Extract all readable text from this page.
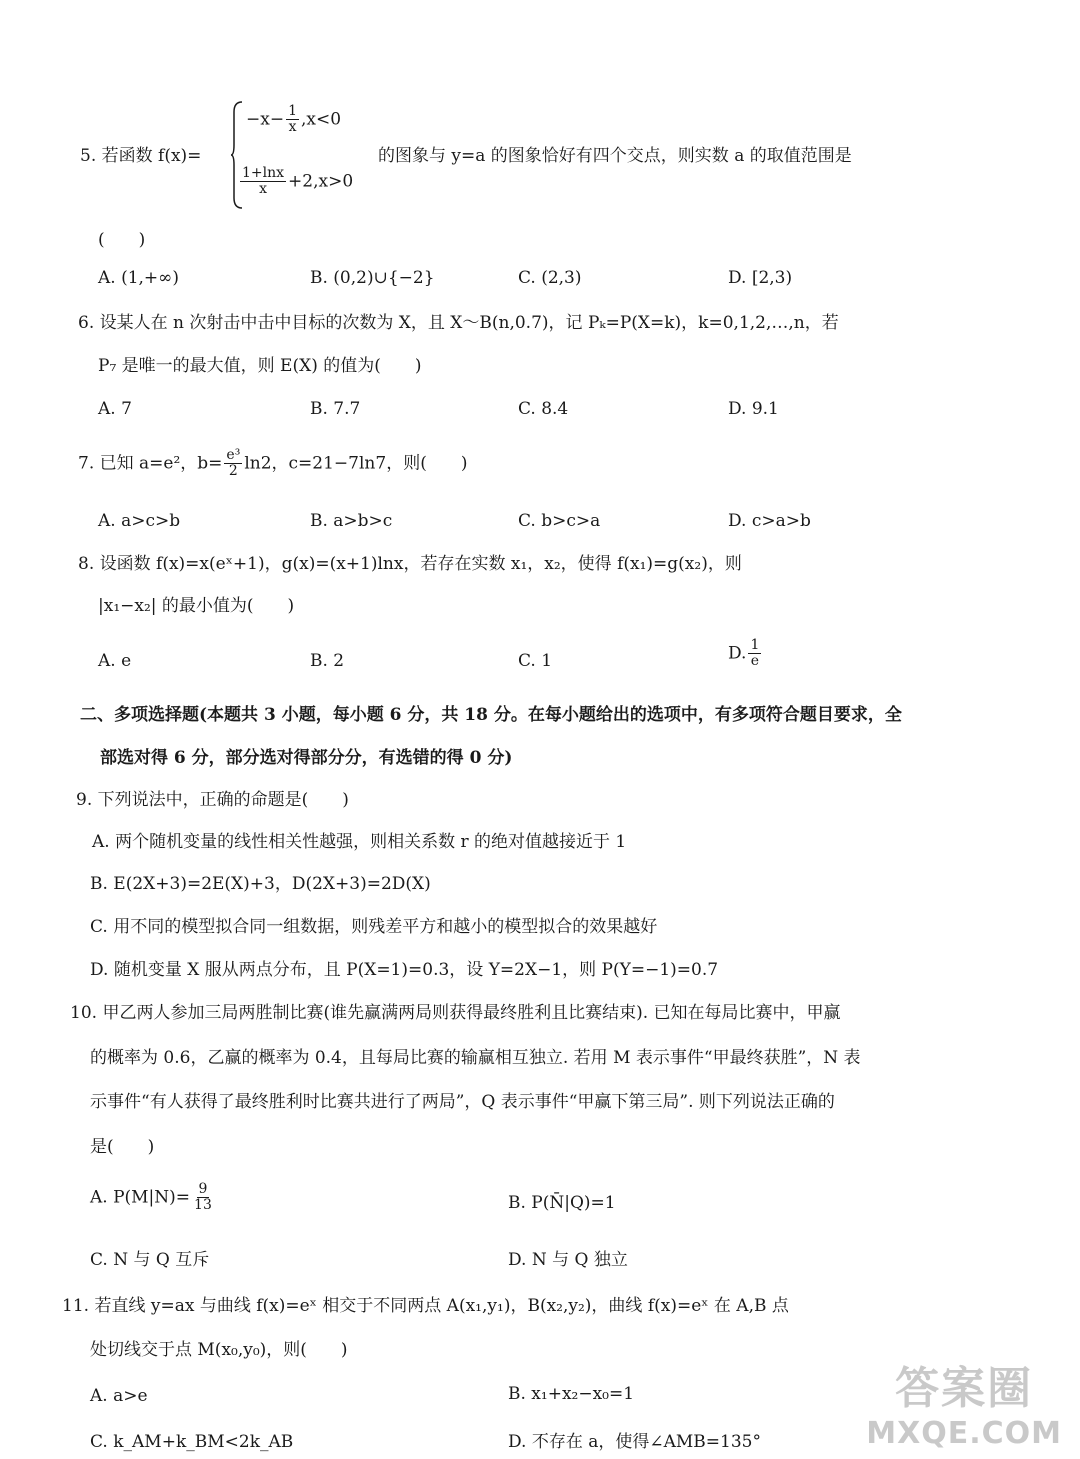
5. 若函数 f(x)=
$-x- \frac{1}{x} ,x<0$
$\frac{1+\ln x}{x} +2,x>0$
的图象与 y=a 的图象恰好有四个交点，则实数 a 的取值范围是
(　　)
A. (1,+∞)	B. (0,2)∪{−2}	C. (2,3)	D. [2,3)
6. 设某人在 n 次射击中击中目标的次数为 X，且 X～B(n,0.7)，记 Pₖ=P(X=k)，k=0,1,2,…,n，若
P₇ 是唯一的最大值，则 E(X) 的值为(　　)
A. 7	B. 7.7	C. 8.4	D. 9.1
7. 已知 a=e²，$b= \frac{\text{e³}}{2} \ln 2$，c=21−7ln7，则(　　)
A. a>c>b	B. a>b>c	C. b>c>a	D. c>a>b
8. 设函数 f(x)=x(eˣ+1)，g(x)=(x+1)lnx，若存在实数 x₁，x₂，使得 f(x₁)=g(x₂)，则
|x₁−x₂| 的最小值为(　　)
A. e	B. 2	C. 1	D. $\frac{1}{e}$
二、多项选择题(本题共 3 小题，每小题 6 分，共 18 分。在每小题给出的选项中，有多项符合题目要求，全
部选对得 6 分，部分选对得部分分，有选错的得 0 分)
9. 下列说法中，正确的命题是(　　)
A. 两个随机变量的线性相关性越强，则相关系数 r 的绝对值越接近于 1
B. E(2X+3)=2E(X)+3，D(2X+3)=2D(X)
C. 用不同的模型拟合同一组数据，则残差平方和越小的模型拟合的效果越好
D. 随机变量 X 服从两点分布，且 P(X=1)=0.3，设 Y=2X−1，则 P(Y=−1)=0.7
10. 甲乙两人参加三局两胜制比赛(谁先赢满两局则获得最终胜利且比赛结束). 已知在每局比赛中，甲赢
的概率为 0.6，乙赢的概率为 0.4，且每局比赛的输赢相互独立. 若用 M 表示事件“甲最终获胜”，N 表
示事件“有人获得了最终胜利时比赛共进行了两局”，Q 表示事件“甲赢下第三局”. 则下列说法正确的
是(　　)
A. $P(M|N)= \frac{9}{13}$	B. P(N̄|Q)=1
C. N 与 Q 互斥	D. N 与 Q 独立
11. 若直线 y=ax 与曲线 f(x)=eˣ 相交于不同两点 A(x₁,y₁)，B(x₂,y₂)，曲线 f(x)=eˣ 在 A,B 点
处切线交于点 M(x₀,y₀)，则(　　)
A. a>e	B. x₁+x₂−x₀=1
C. k_AM+k_BM<2k_AB	D. 不存在 a，使得∠AMB=135°
答案圈
MXQE.COM
